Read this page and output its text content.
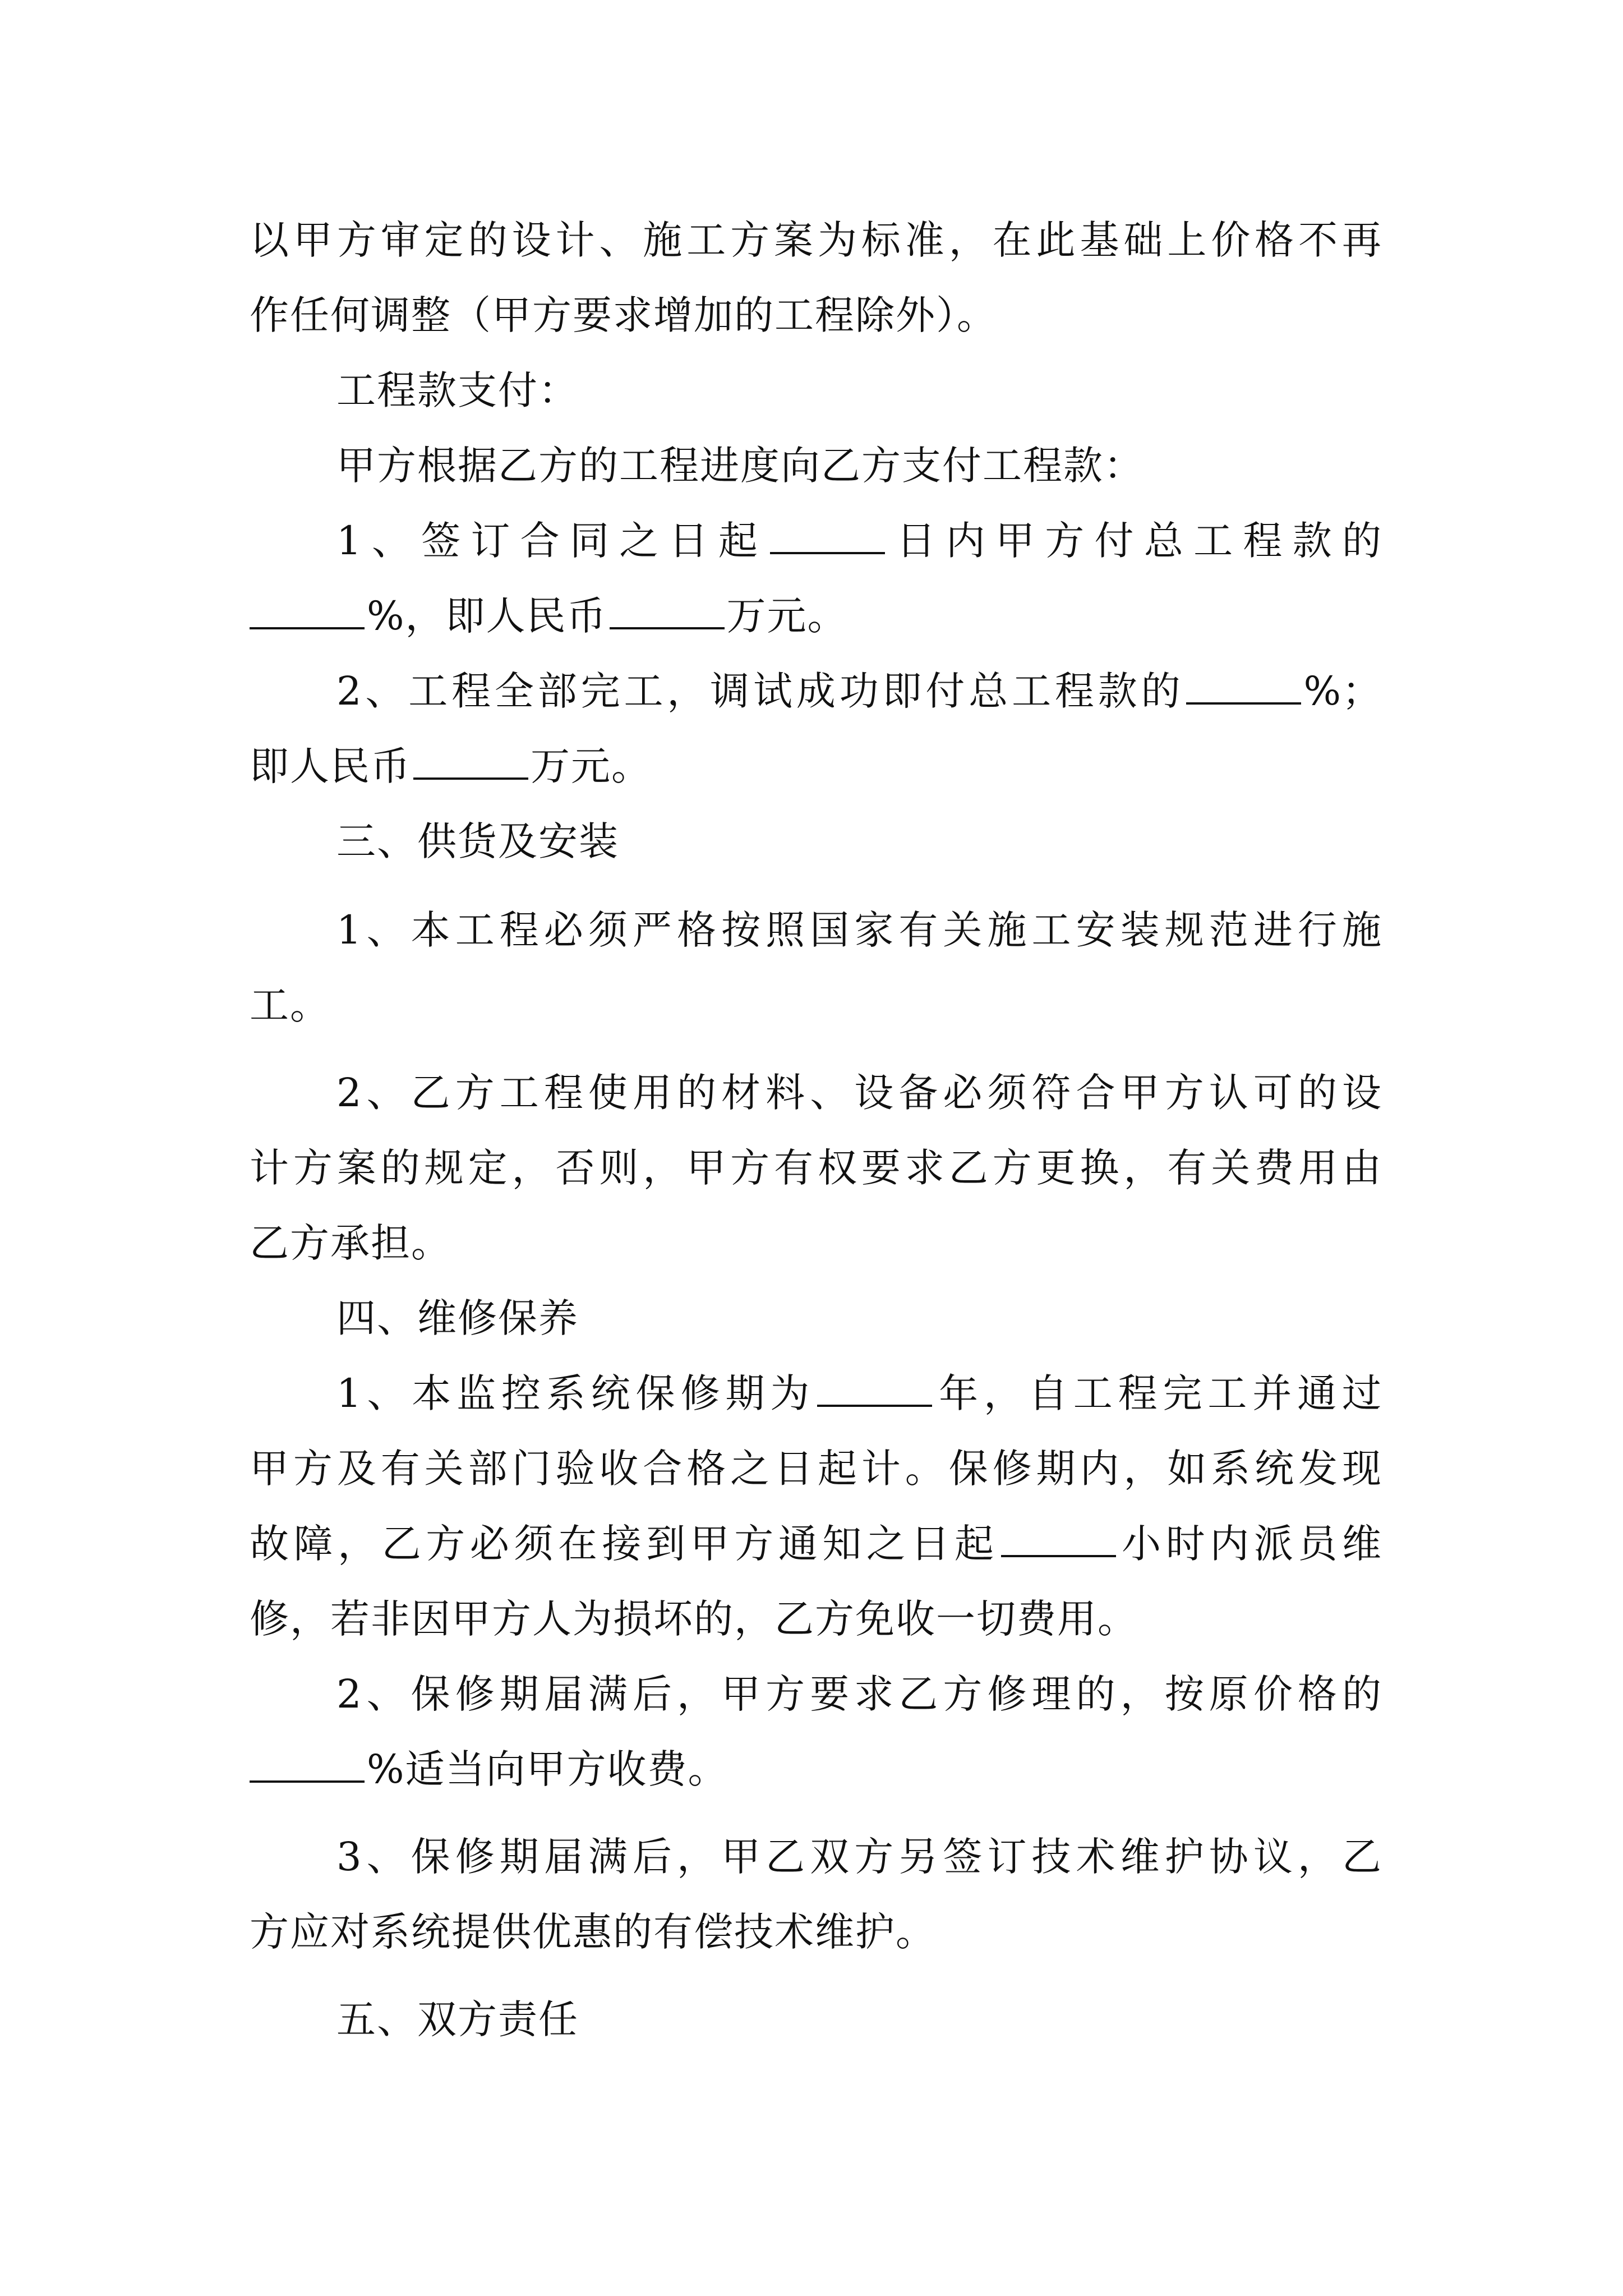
以甲方审定的设计、施工方案为标准，在此基础上价格不再
作任何调整（甲方要求增加的工程除外）。
工程款支付：
甲方根据乙方的工程进度向乙方支付工程款：
1、签订合同之日起	日内甲方付总工程款的
%，即人民币	万元。
2、工程全部完工，调试成功即付总工程款的	%；
即人民币	万元。
三、供货及安装
1、本工程必须严格按照国家有关施工安装规范进行施
工。
2、乙方工程使用的材料、设备必须符合甲方认可的设
计方案的规定，否则，甲方有权要求乙方更换，有关费用由
乙方承担。
四、维修保养
1、本监控系统保修期为	年，自工程完工并通过
甲方及有关部门验收合格之日起计。保修期内，如系统发现
故障，乙方必须在接到甲方通知之日起	小时内派员维
修，若非因甲方人为损坏的，乙方免收一切费用。
2、保修期届满后，甲方要求乙方修理的，按原价格的
%适当向甲方收费。
3、保修期届满后，甲乙双方另签订技术维护协议，乙
方应对系统提供优惠的有偿技术维护。
五、双方责任
